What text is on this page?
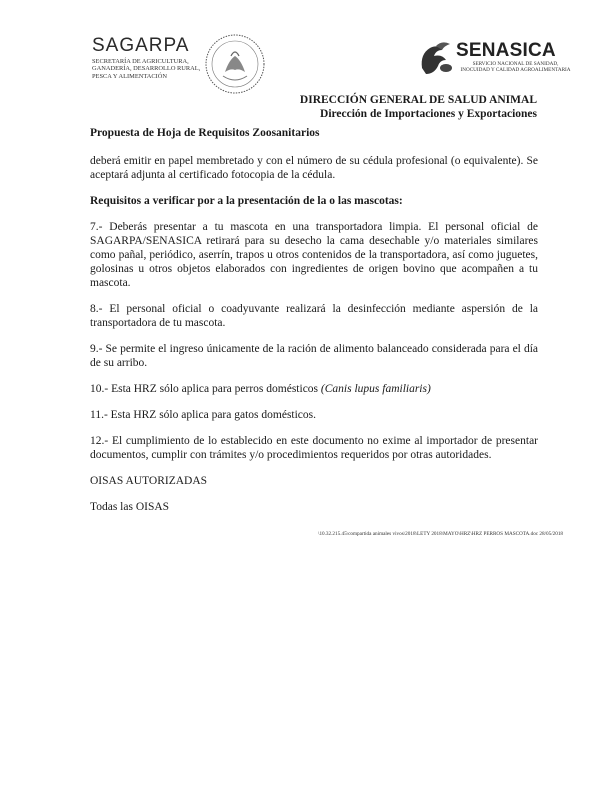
SAGARPA
SECRETARÍA DE AGRICULTURA, GANADERÍA, DESARROLLO RURAL, PESCA Y ALIMENTACIÓN
SENASICA
SERVICIO NACIONAL DE SANIDAD, INOCUIDAD Y CALIDAD AGROALIMENTARIA
DIRECCIÓN GENERAL DE SALUD ANIMAL
Dirección de Importaciones y Exportaciones

Propuesta de Hoja de Requisitos Zoosanitarios

deberá emitir en papel membretado y con el número de su cédula profesional (o equivalente). Se aceptará adjunta al certificado fotocopia de la cédula.

Requisitos a verificar por a la presentación de la o las mascotas:

7.- Deberás presentar a tu mascota en una transportadora limpia. El personal oficial de SAGARPA/SENASICA retirará para su desecho la cama desechable y/o materiales similares como pañal, periódico, aserrín, trapos u otros contenidos de la transportadora, así como juguetes, golosinas u otros objetos elaborados con ingredientes de origen bovino que acompañen a tu mascota.

8.- El personal oficial o coadyuvante realizará la desinfección mediante aspersión de la transportadora de tu mascota.

9.- Se permite el ingreso únicamente de la ración de alimento balanceado considerada para el día de su arribo.

10.- Esta HRZ sólo aplica para perros domésticos (Canis lupus familiaris)

11.- Esta HRZ sólo aplica para gatos domésticos.

12.- El cumplimiento de lo establecido en este documento no exime al importador de presentar documentos, cumplir con trámites y/o procedimientos requeridos por otras autoridades.

OISAS AUTORIZADAS

Todas las OISAS

\10.32.215.45\compartida animales vivos\2018\LETY 2018\MAYO\HRZ\HRZ PERROS MASCOTA.doc 28/05/2018
